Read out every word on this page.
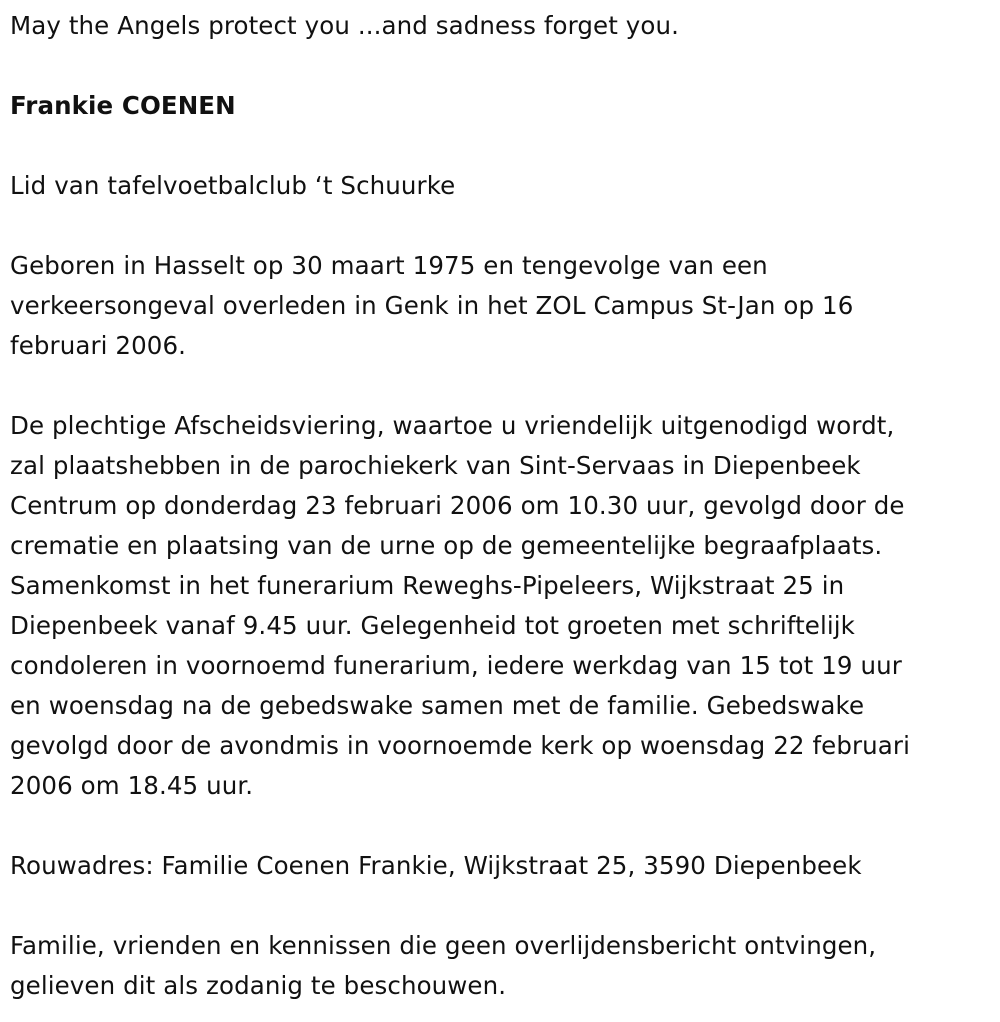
May the Angels protect you ...and sadness forget you.

Frankie COENEN

Lid van tafelvoetbalclub ‘t Schuurke

Geboren in Hasselt op 30 maart 1975 en tengevolge van een
verkeersongeval overleden in Genk in het ZOL Campus St-Jan op 16
februari 2006.

De plechtige Afscheidsviering, waartoe u vriendelijk uitgenodigd wordt,
zal plaatshebben in de parochiekerk van Sint-Servaas in Diepenbeek
Centrum op donderdag 23 februari 2006 om 10.30 uur, gevolgd door de
crematie en plaatsing van de urne op de gemeentelijke begraafplaats.
Samenkomst in het funerarium Reweghs-Pipeleers, Wijkstraat 25 in
Diepenbeek vanaf 9.45 uur. Gelegenheid tot groeten met schriftelijk
condoleren in voornoemd funerarium, iedere werkdag van 15 tot 19 uur
en woensdag na de gebedswake samen met de familie. Gebedswake
gevolgd door de avondmis in voornoemde kerk op woensdag 22 februari
2006 om 18.45 uur.

Rouwadres: Familie Coenen Frankie, Wijkstraat 25, 3590 Diepenbeek

Familie, vrienden en kennissen die geen overlijdensbericht ontvingen,
gelieven dit als zodanig te beschouwen.
